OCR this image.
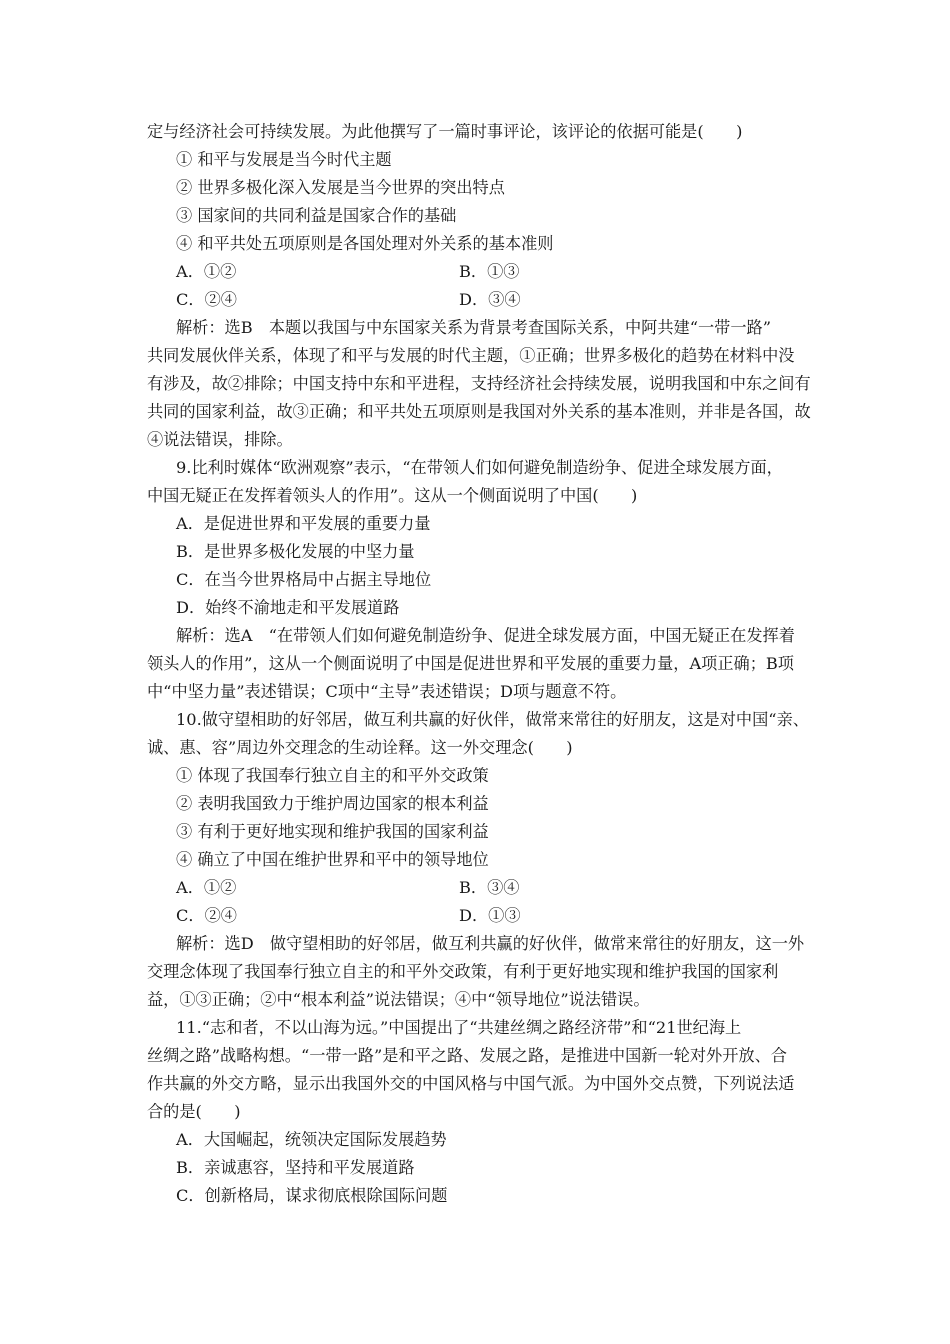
定与经济社会可持续发展。为此他撰写了一篇时事评论，该评论的依据可能是(　　)
① 和平与发展是当今时代主题
② 世界多极化深入发展是当今世界的突出特点
③ 国家间的共同利益是国家合作的基础
④ 和平共处五项原则是各国处理对外关系的基本准则
A．①②	B．①③
C．②④	D．③④
解析：选B　本题以我国与中东国家关系为背景考查国际关系，中阿共建“一带一路”
共同发展伙伴关系，体现了和平与发展的时代主题，①正确；世界多极化的趋势在材料中没
有涉及，故②排除；中国支持中东和平进程，支持经济社会持续发展，说明我国和中东之间有
共同的国家利益，故③正确；和平共处五项原则是我国对外关系的基本准则，并非是各国，故
④说法错误，排除。
9.比利时媒体“欧洲观察”表示，“在带领人们如何避免制造纷争、促进全球发展方面，
中国无疑正在发挥着领头人的作用”。这从一个侧面说明了中国(　　)
A．是促进世界和平发展的重要力量
B．是世界多极化发展的中坚力量
C．在当今世界格局中占据主导地位
D．始终不渝地走和平发展道路
解析：选A　“在带领人们如何避免制造纷争、促进全球发展方面，中国无疑正在发挥着
领头人的作用”，这从一个侧面说明了中国是促进世界和平发展的重要力量，A项正确；B项
中“中坚力量”表述错误；C项中“主导”表述错误；D项与题意不符。
10.做守望相助的好邻居，做互利共赢的好伙伴，做常来常往的好朋友，这是对中国“亲、
诚、惠、容”周边外交理念的生动诠释。这一外交理念(　　)
① 体现了我国奉行独立自主的和平外交政策
② 表明我国致力于维护周边国家的根本利益
③ 有利于更好地实现和维护我国的国家利益
④ 确立了中国在维护世界和平中的领导地位
A．①②	B．③④
C．②④	D．①③
解析：选D　做守望相助的好邻居，做互利共赢的好伙伴，做常来常往的好朋友，这一外
交理念体现了我国奉行独立自主的和平外交政策，有利于更好地实现和维护我国的国家利
益，①③正确；②中“根本利益”说法错误；④中“领导地位”说法错误。
11.“志和者，不以山海为远。”中国提出了“共建丝绸之路经济带”和“21世纪海上
丝绸之路”战略构想。“一带一路”是和平之路、发展之路，是推进中国新一轮对外开放、合
作共赢的外交方略，显示出我国外交的中国风格与中国气派。为中国外交点赞，下列说法适
合的是(　　)
A．大国崛起，统领决定国际发展趋势
B．亲诚惠容，坚持和平发展道路
C．创新格局，谋求彻底根除国际问题
